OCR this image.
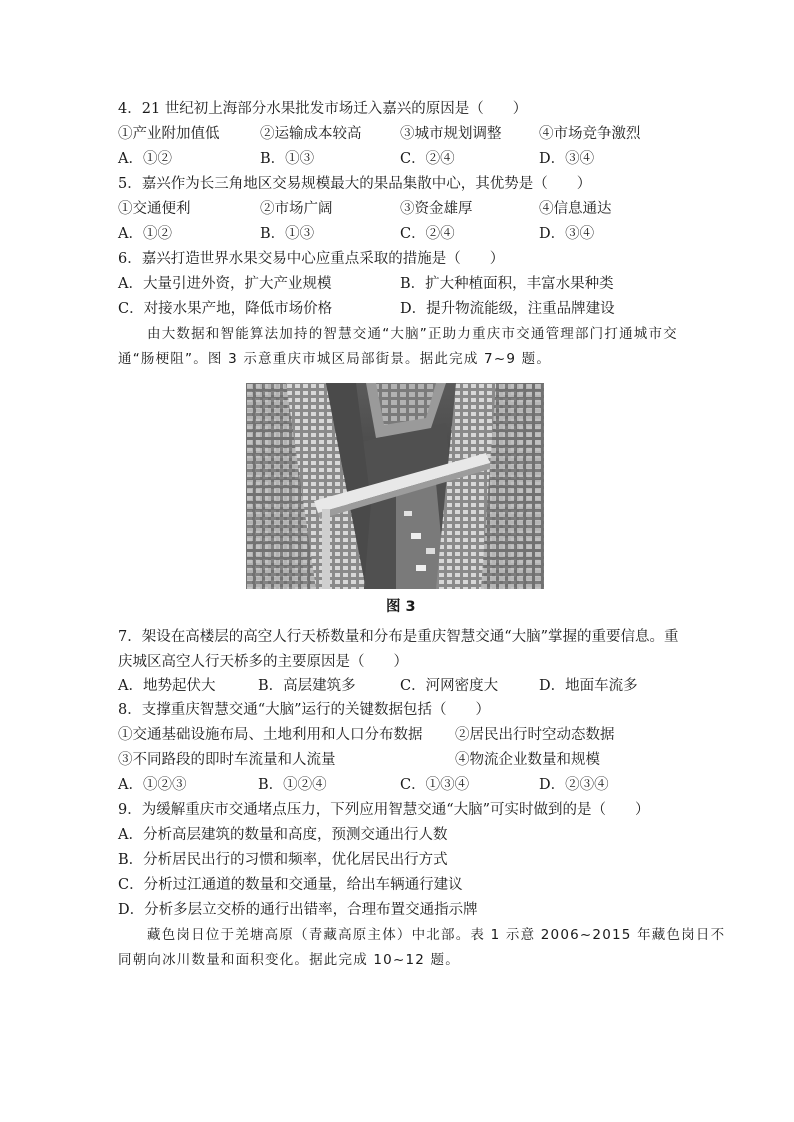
4．21 世纪初上海部分水果批发市场迁入嘉兴的原因是（　　）
①产业附加值低	②运输成本较高	③城市规划调整	④市场竞争激烈
A．①②	B．①③	C．②④	D．③④
5．嘉兴作为长三角地区交易规模最大的果品集散中心，其优势是（　　）
①交通便利	②市场广阔	③资金雄厚	④信息通达
A．①②	B．①③	C．②④	D．③④
6．嘉兴打造世界水果交易中心应重点采取的措施是（　　）
A．大量引进外资，扩大产业规模	B．扩大种植面积，丰富水果种类
C．对接水果产地，降低市场价格	D．提升物流能级，注重品牌建设
由大数据和智能算法加持的智慧交通“大脑”正助力重庆市交通管理部门打通城市交
通“肠梗阻”。图 3 示意重庆市城区局部街景。据此完成 7~9 题。
图 3
7．架设在高楼层的高空人行天桥数量和分布是重庆智慧交通“大脑”掌握的重要信息。重
庆城区高空人行天桥多的主要原因是（　　）
A．地势起伏大	B．高层建筑多	C．河网密度大	D．地面车流多
8．支撑重庆智慧交通“大脑”运行的关键数据包括（　　）
①交通基础设施布局、土地利用和人口分布数据 ②居民出行时空动态数据
③不同路段的即时车流量和人流量	④物流企业数量和规模
A．①②③	B．①②④	C．①③④	D．②③④
9．为缓解重庆市交通堵点压力，下列应用智慧交通“大脑”可实时做到的是（　　）
A．分析高层建筑的数量和高度，预测交通出行人数
B．分析居民出行的习惯和频率，优化居民出行方式
C．分析过江通道的数量和交通量，给出车辆通行建议
D．分析多层立交桥的通行出错率，合理布置交通指示牌
藏色岗日位于羌塘高原（青藏高原主体）中北部。表 1 示意 2006~2015 年藏色岗日不
同朝向冰川数量和面积变化。据此完成 10~12 题。
